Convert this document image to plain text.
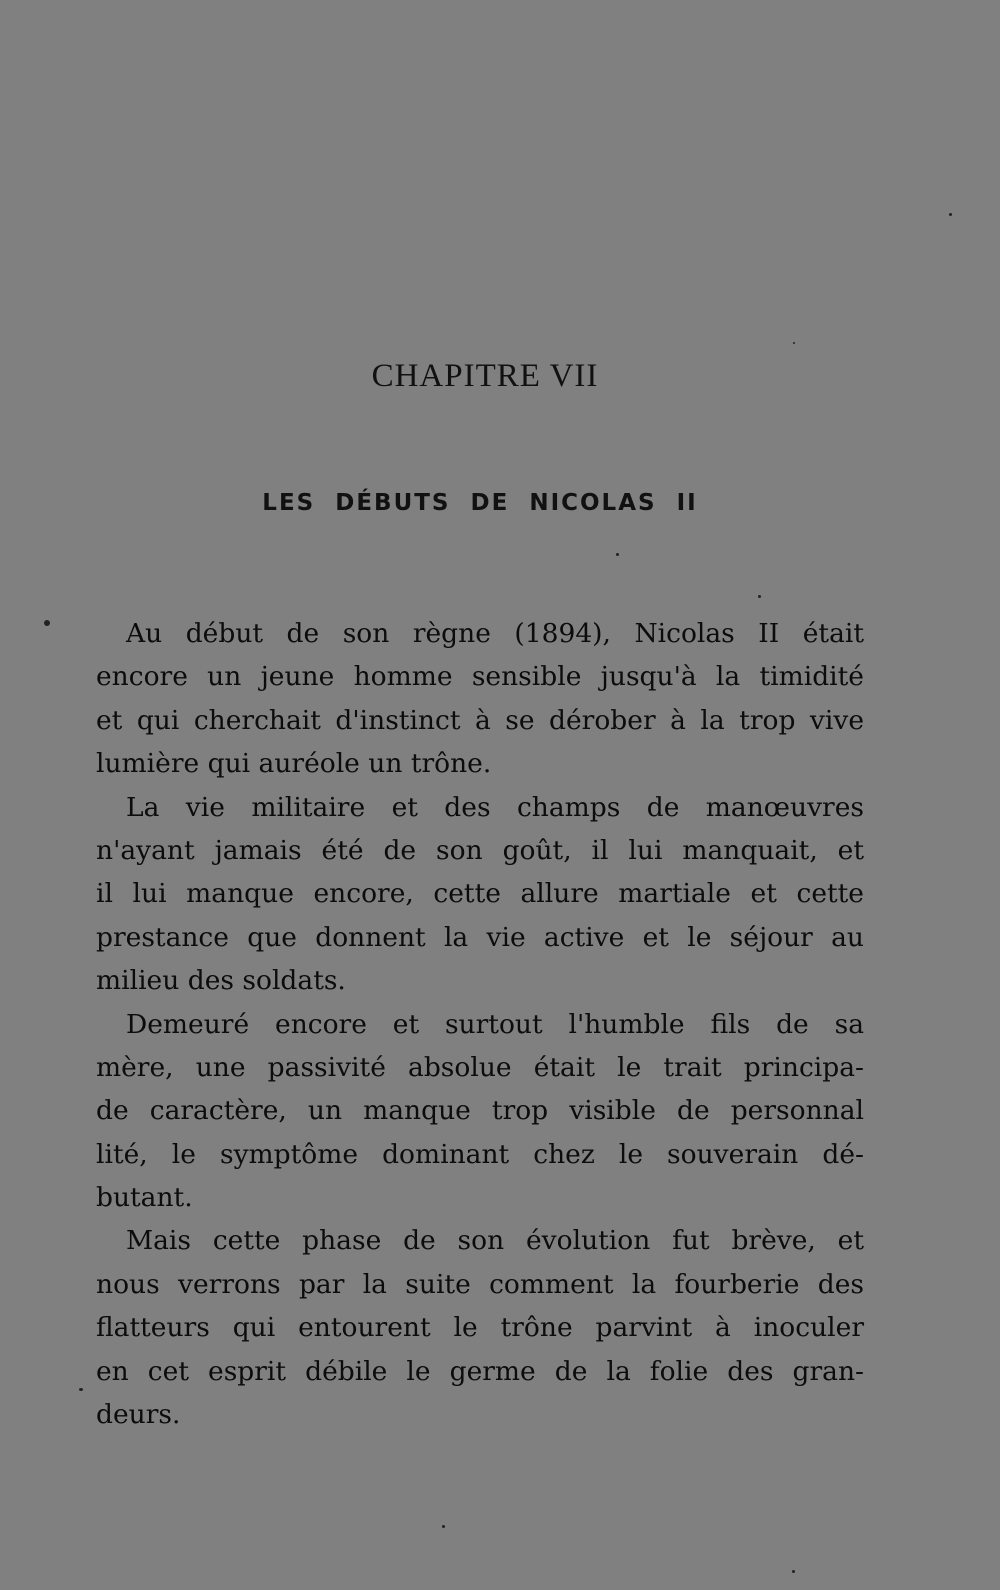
CHAPITRE VII
LES DÉBUTS DE NICOLAS II
Au début de son règne (1894), Nicolas II était
encore un jeune homme sensible jusqu'à la timidité
et qui cherchait d'instinct à se dérober à la trop vive
lumière qui auréole un trône.
La vie militaire et des champs de manœuvres
n'ayant jamais été de son goût, il lui manquait, et
il lui manque encore, cette allure martiale et cette
prestance que donnent la vie active et le séjour au
milieu des soldats.
Demeuré encore et surtout l'humble fils de sa
mère, une passivité absolue était le trait principa-
de caractère, un manque trop visible de personnal
lité, le symptôme dominant chez le souverain dé-
butant.
Mais cette phase de son évolution fut brève, et
nous verrons par la suite comment la fourberie des
flatteurs qui entourent le trône parvint à inoculer
en cet esprit débile le germe de la folie des gran-
deurs.
